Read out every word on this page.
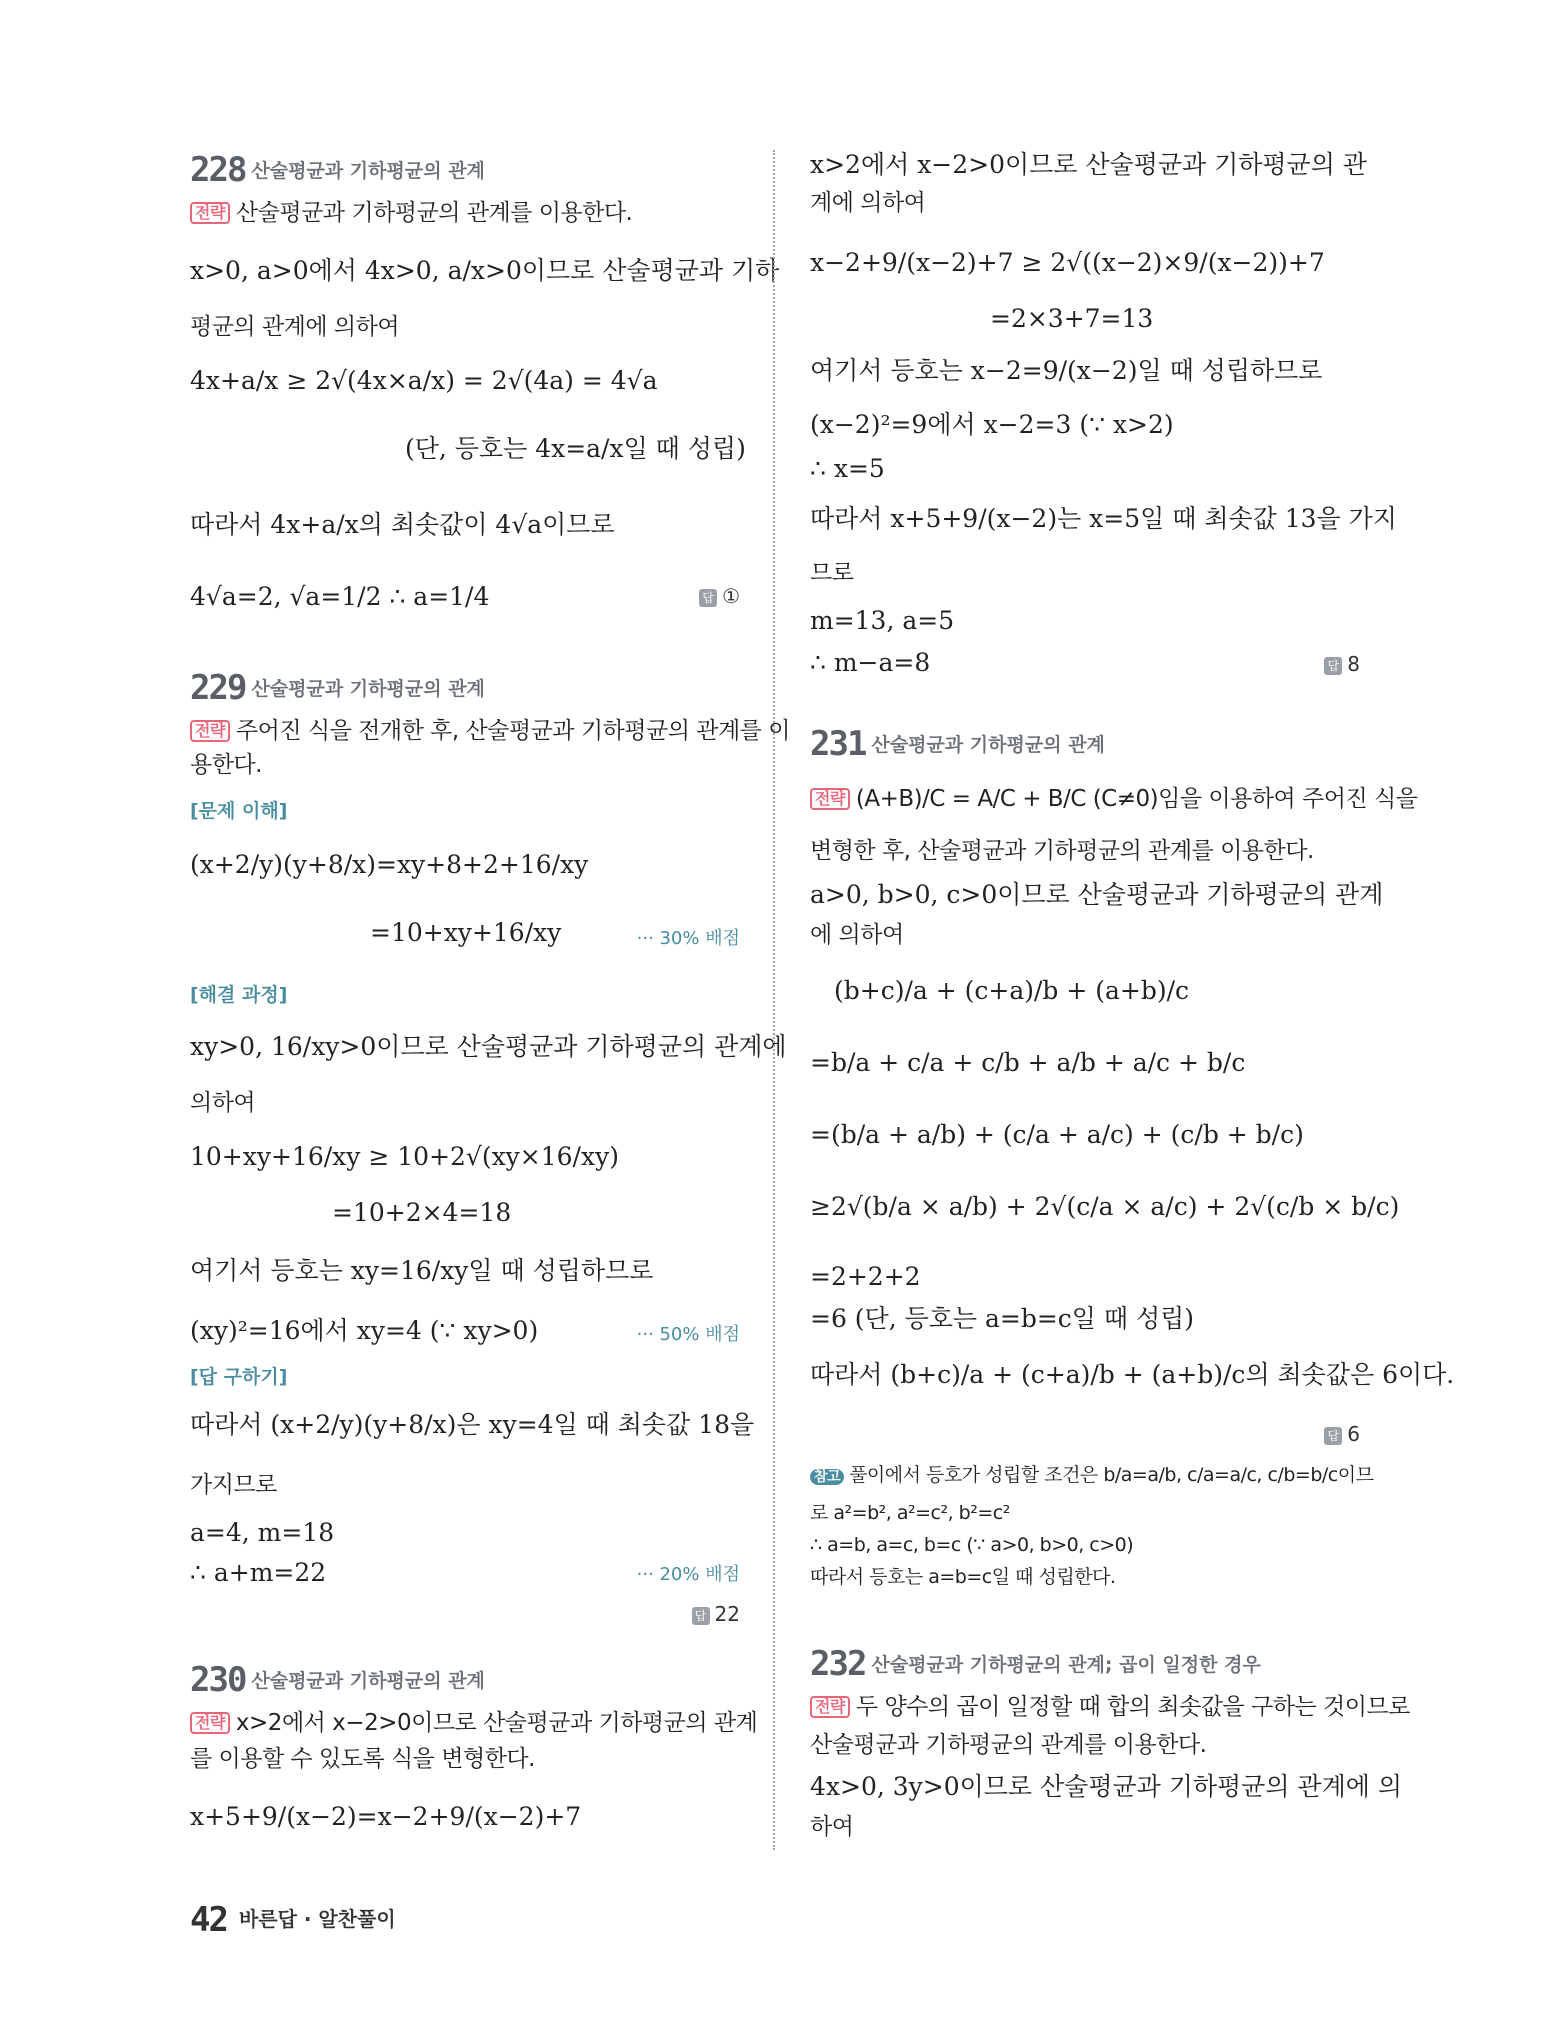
228 산술평균과 기하평균의 관계
전략 산술평균과 기하평균의 관계를 이용한다.
x>0, a>0에서 4x>0, a/x>0이므로 산술평균과 기하
평균의 관계에 의하여
4x+a/x ≥ 2√(4x×a/x) = 2√(4a) = 4√a
(단, 등호는 4x=a/x일 때 성립)
따라서 4x+a/x의 최솟값이 4√a이므로
4√a=2, √a=1/2 ∴ a=1/4	답 ①
229 산술평균과 기하평균의 관계
전략 주어진 식을 전개한 후, 산술평균과 기하평균의 관계를 이
용한다.
[문제 이해]
(x+2/y)(y+8/x)=xy+8+2+16/xy
=10+xy+16/xy	··· 30% 배점
[해결 과정]
xy>0, 16/xy>0이므로 산술평균과 기하평균의 관계에
의하여
10+xy+16/xy ≥ 10+2√(xy×16/xy)
=10+2×4=18
여기서 등호는 xy=16/xy일 때 성립하므로
(xy)²=16에서 xy=4 (∵ xy>0)	··· 50% 배점
[답 구하기]
따라서 (x+2/y)(y+8/x)은 xy=4일 때 최솟값 18을
가지므로
a=4, m=18
∴ a+m=22	··· 20% 배점
답 22
230 산술평균과 기하평균의 관계
전략 x>2에서 x−2>0이므로 산술평균과 기하평균의 관계
를 이용할 수 있도록 식을 변형한다.
x+5+9/(x−2)=x−2+9/(x−2)+7
x>2에서 x−2>0이므로 산술평균과 기하평균의 관
계에 의하여
x−2+9/(x−2)+7 ≥ 2√((x−2)×9/(x−2))+7
=2×3+7=13
여기서 등호는 x−2=9/(x−2)일 때 성립하므로
(x−2)²=9에서 x−2=3 (∵ x>2)
∴ x=5
따라서 x+5+9/(x−2)는 x=5일 때 최솟값 13을 가지
므로
m=13, a=5
∴ m−a=8	답 8
231 산술평균과 기하평균의 관계
전략 (A+B)/C = A/C + B/C (C≠0)임을 이용하여 주어진 식을
변형한 후, 산술평균과 기하평균의 관계를 이용한다.
a>0, b>0, c>0이므로 산술평균과 기하평균의 관계
에 의하여
(b+c)/a + (c+a)/b + (a+b)/c
=b/a + c/a + c/b + a/b + a/c + b/c
=(b/a + a/b) + (c/a + a/c) + (c/b + b/c)
≥2√(b/a × a/b) + 2√(c/a × a/c) + 2√(c/b × b/c)
=2+2+2
=6 (단, 등호는 a=b=c일 때 성립)
따라서 (b+c)/a + (c+a)/b + (a+b)/c의 최솟값은 6이다.
답 6
참고 풀이에서 등호가 성립할 조건은 b/a=a/b, c/a=a/c, c/b=b/c이므
로 a²=b², a²=c², b²=c²
∴ a=b, a=c, b=c (∵ a>0, b>0, c>0)
따라서 등호는 a=b=c일 때 성립한다.
232 산술평균과 기하평균의 관계; 곱이 일정한 경우
전략 두 양수의 곱이 일정할 때 합의 최솟값을 구하는 것이므로
산술평균과 기하평균의 관계를 이용한다.
4x>0, 3y>0이므로 산술평균과 기하평균의 관계에 의
하여
42 바른답 · 알찬풀이
